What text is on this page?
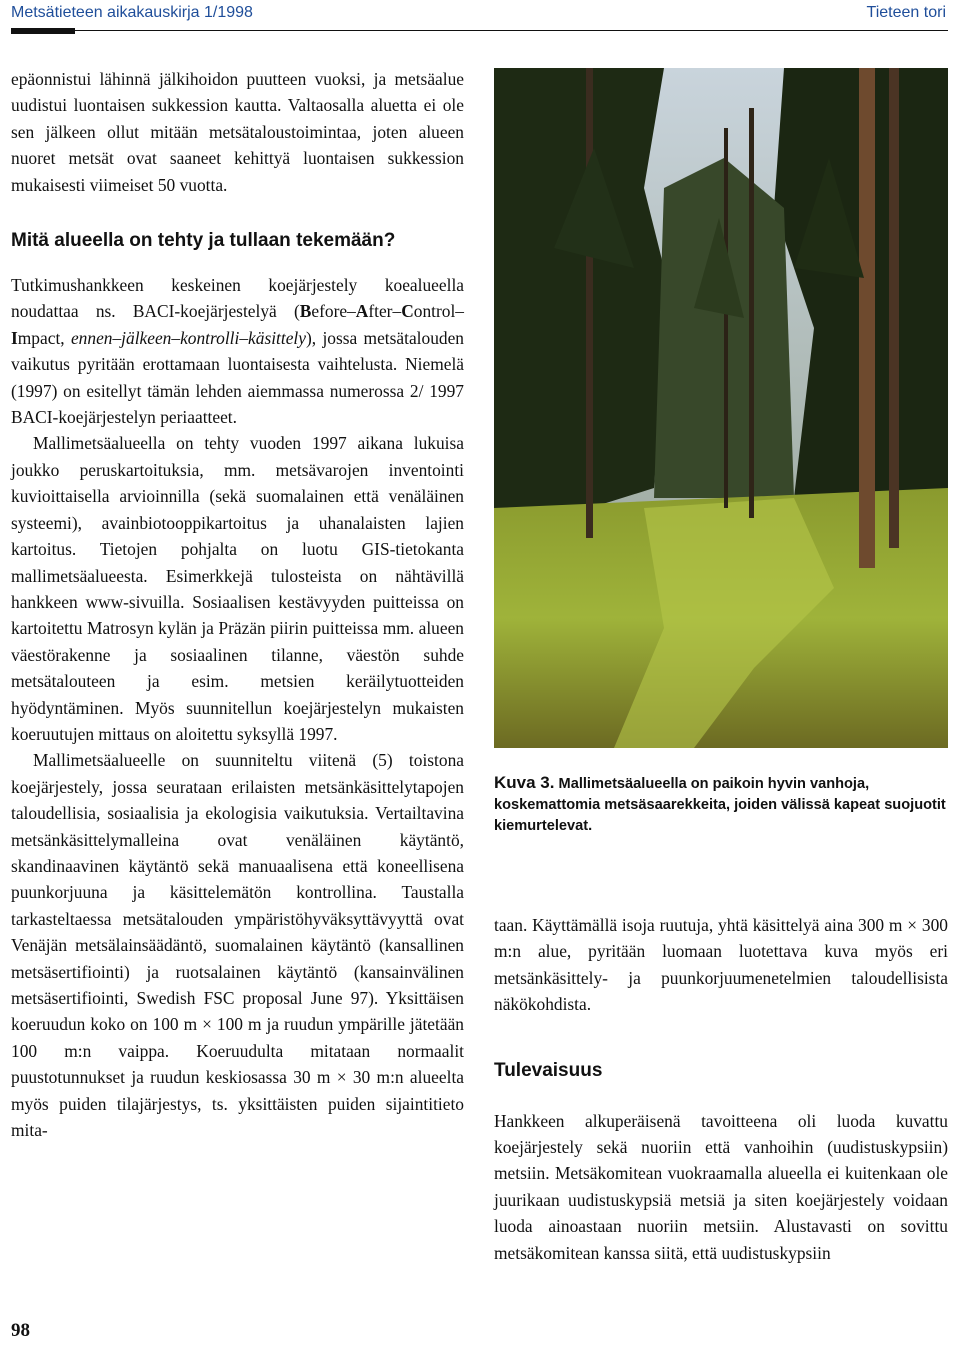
Metsätieteen aikakauskirja 1/1998	Tieteen tori

epäonnistui lähinnä jälkihoidon puutteen vuoksi, ja metsäalue uudistui luontaisen sukkession kautta. Valtaosalla aluetta ei ole sen jälkeen ollut mitään metsätaloustoimintaa, joten alueen nuoret metsät ovat saaneet kehittyä luontaisen sukkession mukaisesti viimeiset 50 vuotta.

Mitä alueella on tehty ja tullaan tekemään?

Tutkimushankkeen keskeinen koejärjestely koealueella noudattaa ns. BACI-koejärjestelyä (Before–After–Control–Impact, ennen–jälkeen–kontrolli–käsittely), jossa metsätalouden vaikutus pyritään erottamaan luontaisesta vaihtelusta. Niemelä (1997) on esitellyt tämän lehden aiemmassa numerossa 2/ 1997 BACI-koejärjestelyn periaatteet.

Mallimetsäalueella on tehty vuoden 1997 aikana lukuisa joukko peruskartoituksia, mm. metsävarojen inventointi kuvioittaisella arvioinnilla (sekä suomalainen että venäläinen systeemi), avainbiotooppikartoitus ja uhanalaisten lajien kartoitus. Tietojen pohjalta on luotu GIS-tietokanta mallimetsäalueesta. Esimerkkejä tulosteista on nähtävillä hankkeen www-sivuilla. Sosiaalisen kestävyyden puitteissa on kartoitettu Matrosyn kylän ja Präzän piirin puitteissa mm. alueen väestörakenne ja sosiaalinen tilanne, väestön suhde metsätalouteen ja esim. metsien keräilytuotteiden hyödyntäminen. Myös suunnitellun koejärjestelyn mukaisten koeruutujen mittaus on aloitettu syksyllä 1997.

Mallimetsäalueelle on suunniteltu viitenä (5) toistona koejärjestely, jossa seurataan erilaisten metsänkäsittelytapojen taloudellisia, sosiaalisia ja ekologisia vaikutuksia. Vertailtavina metsänkäsittelymalleina ovat venäläinen käytäntö, skandinaavinen käytäntö sekä manuaalisena että koneellisena puunkorjuuna ja käsittelemätön kontrollina. Taustalla tarkasteltaessa metsätalouden ympäristöhyväksyttävyyttä ovat Venäjän metsälainsäädäntö, suomalainen käytäntö (kansallinen metsäsertifiointi) ja ruotsalainen käytäntö (kansainvälinen metsäsertifiointi, Swedish FSC proposal June 97). Yksittäisen koeruudun koko on 100 m × 100 m ja ruudun ympärille jätetään 100 m:n vaippa. Koeruudulta mitataan normaalit puustotunnukset ja ruudun keskiosassa 30 m × 30 m:n alueelta myös puiden tilajärjestys, ts. yksittäisten puiden sijaintitieto mita-

Kuva 3. Mallimetsäalueella on paikoin hyvin vanhoja, koskemattomia metsäsaarekkeita, joiden välissä kapeat suojuotit kiemurtelevat.

taan. Käyttämällä isoja ruutuja, yhtä käsittelyä aina 300 m × 300 m:n alue, pyritään luomaan luotettava kuva myös eri metsänkäsittely- ja puunkorjuumenetelmien taloudellisista näkökohdista.

Tulevaisuus

Hankkeen alkuperäisenä tavoitteena oli luoda kuvattu koejärjestely sekä nuoriin että vanhoihin (uudistuskypsiin) metsiin. Metsäkomitean vuokraamalla alueella ei kuitenkaan ole juurikaan uudistuskypsiä metsiä ja siten koejärjestely voidaan luoda ainoastaan nuoriin metsiin. Alustavasti on sovittu metsäkomitean kanssa siitä, että uudistuskypsiin

98
